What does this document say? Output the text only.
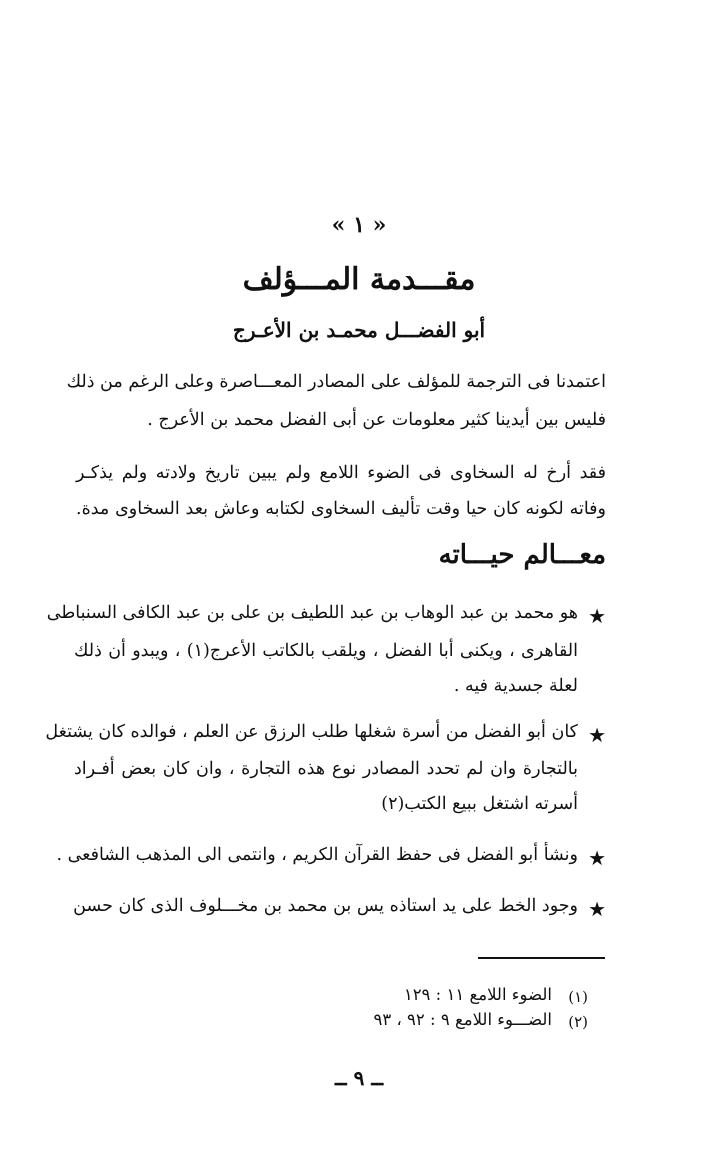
« ١ »
مقـــدمة المـــؤلف
أبو الفضـــل محمـد بن الأعـرج
اعتمدنا فى الترجمة للمؤلف على المصادر المعـــاصرة وعلى الرغم من ذلك
فليس بين أيدينا كثير معلومات عن أبى الفضل محمد بن الأعرج .
فقد أرخ له السخاوى فى الضوء اللامع ولم يبين تاريخ ولادته ولم يذكـر
وفاته لكونه كان حيا وقت تأليف السخاوى لكتابه وعاش بعد السخاوى مدة.
معـــالم حيـــاته
★
هو محمد بن عبد الوهاب بن عبد اللطيف بن على بن عبد الكافى السنباطى
القاهرى ، ويكنى أبا الفضل ، ويلقب بالكاتب الأعرج(١) ، ويبدو أن ذلك
لعلة جسدية فيه .
★
كان أبو الفضل من أسرة شغلها طلب الرزق عن العلم ، فوالده كان يشتغل
بالتجارة وان لم تحدد المصادر نوع هذه التجارة ، وان كان بعض أفـراد
أسرته اشتغل ببيع الكتب(٢)
★
ونشأ أبو الفضل فى حفظ القرآن الكريم ، وانتمى الى المذهب الشافعى .
★
وجود الخط على يد استاذه يس بن محمد بن مخـــلوف الذى كان حسن
(١)
الضوء اللامع ١١ : ١٢٩
(٢)
الضـــوء اللامع ٩ : ٩٢ ، ٩٣
ــ ٩ ــ
